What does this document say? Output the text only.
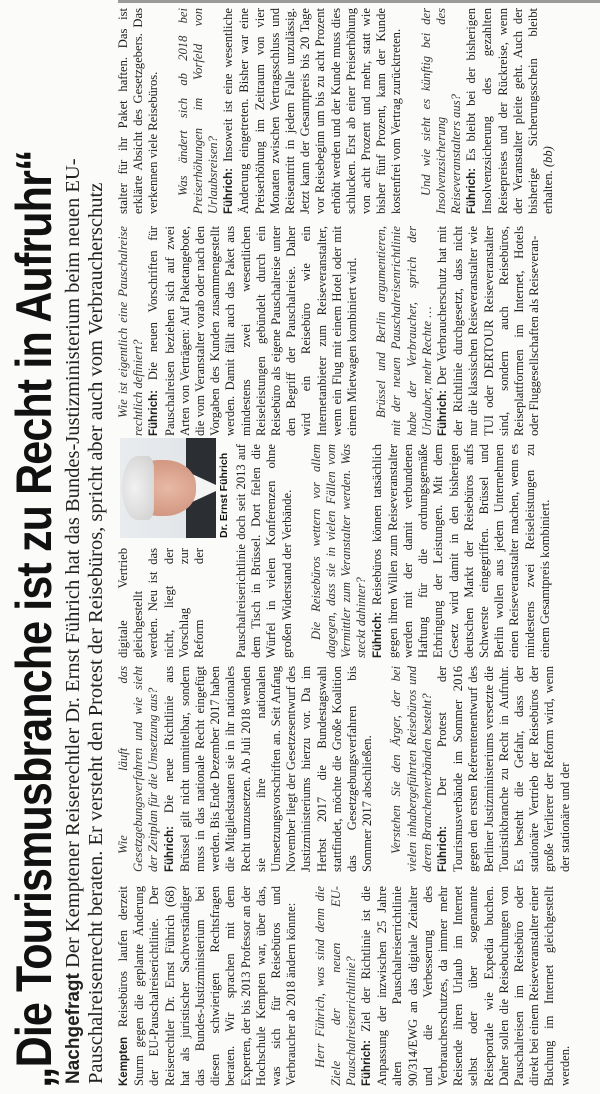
„Die Tourismusbranche ist zu Recht in Aufruhr“ Nachgefragt Der Kemptener Reiserechtler Dr. Ernst Führich hat das Bundes-Justizministerium beim neuen EU-Pauschalreisenrecht beraten. Er versteht den Protest der Reisebüros, spricht aber auch vom Verbraucherschutz Kempten Reisebüros laufen derzeit Sturm gegen die geplante Änderung der EU-Pauschalreiserichtlinie. Der Reiserechtler Dr. Ernst Führich (68) hat als juristischer Sachverständiger das Bundes-Justizministerium bei diesen schwierigen Rechtsfragen beraten. Wir sprachen mit dem Experten, der bis 2013 Professor an der Hochschule Kempten war, über das, was sich für Reisebüros und Verbraucher ab 2018 ändern könnte: Herr Führich, was sind denn die Ziele der neuen EU-Pauschalreisenrichtlinie? Führich: Ziel der Richtlinie ist die Anpassung der inzwischen 25 Jahre alten Pauschalreiserrichtlinie 90/314/EWG an das digitale Zeitalter und die Verbesserung des Verbraucherschutzes, da immer mehr Reisende ihren Urlaub im Internet selbst oder über sogenannte Reiseportale wie Expedia buchen. Daher sollen die Reisebuchungen von Pauschalreisen im Reisebüro oder direkt bei einem Reiseveranstalter einer Buchung im Internet gleichgestellt werden.

Wie läuft das Gesetzgebungsverfahren und wie sieht der Zeitplan für die Umsetzung aus? Führich: Die neue Richtlinie aus Brüssel gilt nicht unmittelbar, sondern muss in das nationale Recht eingefügt werden. Bis Ende Dezember 2017 haben die Mitgliedstaaten sie in ihr nationales Recht umzusetzen. Ab Juli 2018 wenden sie ihre nationalen Umsetzungsvorschriften an. Seit Anfang November liegt der Gesetzesentwurf des Justizministeriums hierzu vor. Da im Herbst 2017 die Bundestagswahl stattfindet, möchte die Große Koalition das Gesetzgebungsverfahren bis Sommer 2017 abschließen. Verstehen Sie den Ärger, der bei vielen inhabergeführten Reisebüros und deren Branchenverbänden besteht? Führich: Der Protest der Tourismusverbände im Sommer 2016 gegen den ersten Referentenentwurf des Berliner Justizministeriums versetzte die Touristikbranche zu Recht in Aufruhr. Es besteht die Gefahr, dass der stationäre Vertrieb der Reisebüros der große Verlierer der Reform wird, wenn der stationäre und der

digitale Vertrieb gleichgestellt werden. Neu ist das nicht, liegt der Vorschlag zur Reform der Pauschalreiserichtlinie doch seit 2013 auf dem Tisch in Brüssel. Dort fielen die Würfel in vielen Konferenzen ohne großen Widerstand der Verbände. Die Reisebüros wettern vor allem dagegen, dass sie in vielen Fällen vom Vermittler zum Veranstalter werden. Was steckt dahinter? Führich: Reisebüros können tatsächlich gegen ihren Willen zum Reiseveranstalter werden mit der damit verbundenen Haftung für die ordnungsgemäße Erbringung der Leistungen. Mit dem Gesetz wird damit in den bisherigen deutschen Markt der Reisebüros aufs Schwerste eingegriffen. Brüssel und Berlin wollen aus jedem Unternehmen einen Reiseveranstalter machen, wenn es mindestens zwei Reiseleistungen zu einem Gesamtpreis kombiniert.

Dr. Ernst Führich

Wie ist eigentlich eine Pauschalreise rechtlich definiert? Führich: Die neuen Vorschriften für Pauschalreisen beziehen sich auf zwei Arten von Verträgen: Auf Paketangebote, die vom Veranstalter vorab oder nach den Vorgaben des Kunden zusammengestellt werden. Damit fällt auch das Paket aus mindestens zwei wesentlichen Reiseleistungen gebündelt durch ein Reisebüro als eigene Pauschalreise unter den Begriff der Pauschalreise. Daher wird ein Reisebüro wie ein Internetanbieter zum Reiseveranstalter, wenn ein Flug mit einem Hotel oder mit einem Mietwagen kombiniert wird. Brüssel und Berlin argumentieren, mit der neuen Pauschalreisenrichtlinie habe der Verbraucher, sprich der Urlauber, mehr Rechte … Führich: Der Verbraucherschutz hat mit der Richtlinie durchgesetzt, dass nicht nur die klassischen Reiseveranstalter wie TUI oder DERTOUR Reiseveranstalter sind, sondern auch Reisebüros, Reiseplattformen im Internet, Hotels oder Fluggesellschaften als Reiseveran-

stalter für ihr Paket haften. Das ist erklärte Absicht des Gesetzgebers. Das verkennen viele Reisebüros. Was ändert sich ab 2018 bei Preiserhöhungen im Vorfeld von Urlaubsreisen? Führich: Insoweit ist eine wesentliche Änderung eingetreten. Bisher war eine Preiserhöhung im Zeitraum von vier Monaten zwischen Vertragsschluss und Reiseantritt in jedem Falle unzulässig. Jetzt kann der Gesamtpreis bis 20 Tage vor Reisebeginn um bis zu acht Prozent erhöht werden und der Kunde muss dies schlucken. Erst ab einer Preiserhöhung von acht Prozent und mehr, statt wie bisher fünf Prozent, kann der Kunde kostenfrei vom Vertrag zurücktreten. Und wie sieht es künftig bei der Insolvenzsicherung des Reiseveranstalters aus? Führich: Es bleibt bei der bisherigen Insolvenzsicherung des gezahlten Reisepreises und der Rückreise, wenn der Veranstalter pleite geht. Auch der bisherige Sicherungsschein bleibt erhalten. (bb)
